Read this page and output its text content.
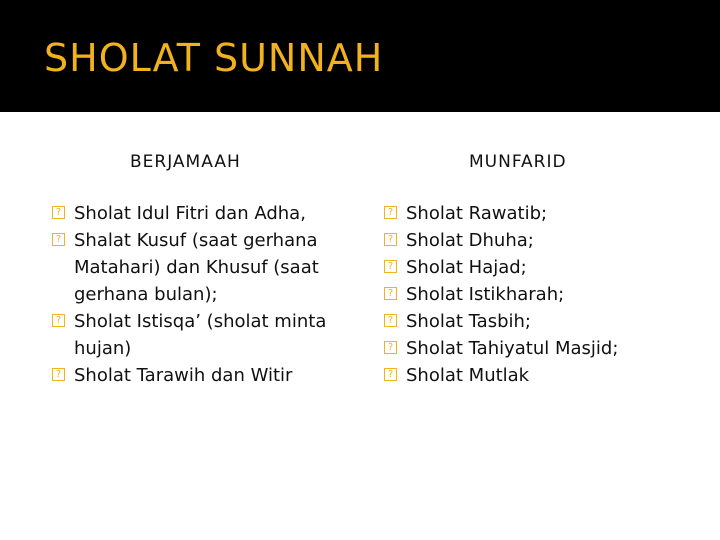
SHOLAT SUNNAH
BERJAMAAH	MUNFARID
? Sholat Idul Fitri dan Adha,
? Shalat Kusuf (saat gerhana Matahari) dan Khusuf (saat gerhana bulan);
? Sholat Istisqa’ (sholat minta hujan)
? Sholat Tarawih dan Witir
? Sholat Rawatib;
? Sholat Dhuha;
? Sholat Hajad;
? Sholat Istikharah;
? Sholat Tasbih;
? Sholat Tahiyatul Masjid;
? Sholat Mutlak
